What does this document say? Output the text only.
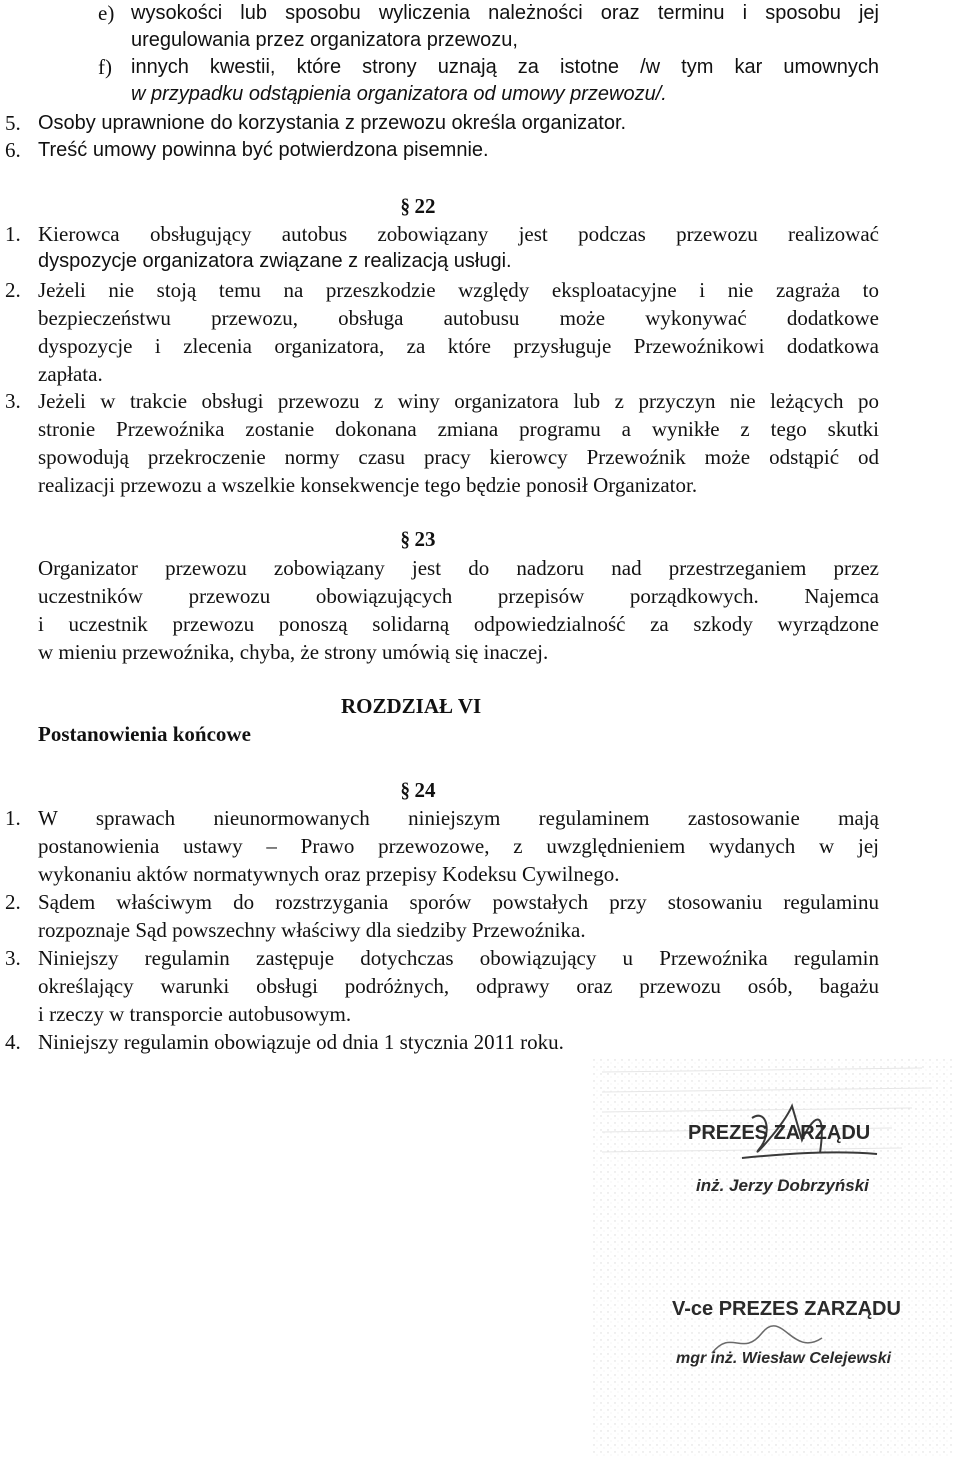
e) wysokości lub sposobu wyliczenia należności oraz terminu i sposobu jej
uregulowania przez organizatora przewozu,
f) innych kwestii, które strony uznają za istotne /w tym kar umownych
w przypadku odstąpienia organizatora od umowy przewozu/.
5. Osoby uprawnione do korzystania z przewozu określa organizator.
6. Treść umowy powinna być potwierdzona pisemnie.
§ 22
1. Kierowca obsługujący autobus zobowiązany jest podczas przewozu realizować
dyspozycje organizatora związane z realizacją usługi.
2. Jeżeli nie stoją temu na przeszkodzie względy eksploatacyjne i nie zagraża to
bezpieczeństwu przewozu, obsługa autobusu może wykonywać dodatkowe
dyspozycje i zlecenia organizatora, za które przysługuje Przewoźnikowi dodatkowa
zapłata.
3. Jeżeli w trakcie obsługi przewozu z winy organizatora lub z przyczyn nie leżących po
stronie Przewoźnika zostanie dokonana zmiana programu a wynikłe z tego skutki
spowodują przekroczenie normy czasu pracy kierowcy Przewoźnik może odstąpić od
realizacji przewozu a wszelkie konsekwencje tego będzie ponosił Organizator.
§ 23
Organizator przewozu zobowiązany jest do nadzoru nad przestrzeganiem przez
uczestników przewozu obowiązujących przepisów porządkowych. Najemca
i uczestnik przewozu ponoszą solidarną odpowiedzialność za szkody wyrządzone
w mieniu przewoźnika, chyba, że strony umówią się inaczej.
ROZDZIAŁ VI
Postanowienia końcowe
§ 24
1. W sprawach nieunormowanych niniejszym regulaminem zastosowanie mają
postanowienia ustawy – Prawo przewozowe, z uwzględnieniem wydanych w jej
wykonaniu aktów normatywnych oraz przepisy Kodeksu Cywilnego.
2. Sądem właściwym do rozstrzygania sporów powstałych przy stosowaniu regulaminu
rozpoznaje Sąd powszechny właściwy dla siedziby Przewoźnika.
3. Niniejszy regulamin zastępuje dotychczas obowiązujący u Przewoźnika regulamin
określający warunki obsługi podróżnych, odprawy oraz przewozu osób, bagażu
i rzeczy w transporcie autobusowym.
4. Niniejszy regulamin obowiązuje od dnia 1 stycznia 2011 roku.
PREZES ZARZĄDU
inż. Jerzy Dobrzyński
V-ce PREZES ZARZĄDU
mgr inż. Wiesław Celejewski
